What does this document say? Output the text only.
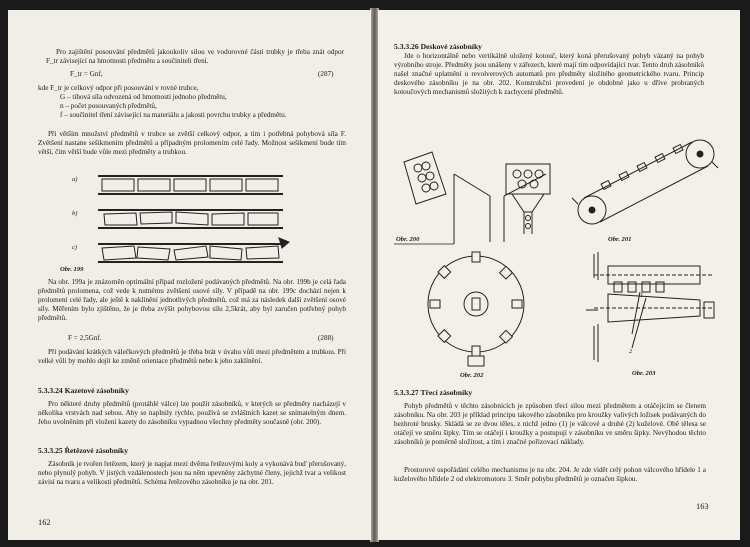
Pro zajištění posouvání předmětů jakoukoliv silou ve vodorovné části trubky je třeba znát odpor F_tr závisející na hmotnosti předmětu a součiniteli tření.

F_tr = Gnf,	(287)
kde F_tr je celkový odpor při posouvání v rovné trubce,
G – tíhová síla odvozená od hmotnosti jednoho předmětu,
n – počet posouvaných předmětů,

f – součinitel tření závisející na materiálu a jakosti povrchu trubky a předmětu.

Při větším množství předmětů v trubce se zvětší celkový odpor, a tím i potřebná pohybová síla F. Zvětšení nastane sešikmením předmětů a případným prolomením celé řady. Možnost sešikmení bude tím větší, čím větší bude vůle mezi předměty a trubkou.

a)
b)
c)
Obr. 199

Na obr. 199a je znázorněn optimální případ rozložení podávaných předmětů. Na obr. 199b je celá řada předmětů prolomena, což vede k nutnému zvětšení osové síly. V případě na obr. 199c dochází nejen k prolomení celé řady, ale ještě k naklínění jednotlivých předmětů, což má za následek další zvětšení osové síly. Měřením bylo zjištěno, že je třeba zvýšit pohybovou sílu 2,5krát, aby byl zaručen potřebný pohyb předmětů.

F = 2,5Gnf.	(288)

Při podávání krátkých válečkových předmětů je třeba brát v úvahu vůli mezi předmětem a trubkou. Při velké vůli by mohlo dojít ke změně orientace předmětů nebo k jeho zaklínění.

5.3.3.24 Kazetové zásobníky

Pro některé druhy předmětů (protáhlé válce) lze použít zásobníků, v kterých se předměty nacházejí v několika vrstvách nad sebou. Aby se naplnily rychle, používá se zvláštních kazet se snímatelným dnem. Jeho uvolněním při vložení kazety do zásobníku vypadnou všechny předměty současně (obr. 200).

5.3.3.25 Řetězové zásobníky

Zásobník je tvořen řetězem, který je napjat mezi dvěma řetězovými koly a vykonává buď přerušovaný, nebo plynulý pohyb. V jistých vzdálenostech jsou na něm upevněny záchytné členy, jejichž tvar a velikost závisí na tvaru a velikosti předmětů. Schéma řetězového zásobníku je na obr. 201.

162
5.3.3.26 Deskové zásobníky

Jde o horizontálně nebo vertikálně uložený kotouč, který koná přerušovaný pohyb vázaný na pohyb výrobního stroje. Předměty jsou unášeny v zářezech, které mají tím odpovídající tvar. Tento druh zásobníků našel značné uplatnění u revolverových automatů pro předměty složitého geometrického tvaru. Princip deskového zásobníku je na obr. 202. Konstrukční provedení je obdobné jako u dříve probraných kotoučových mechanismů složitých k zachycení předmětů.

Obr. 200	Obr. 201
Obr. 202
1
2
Obr. 203
5.3.3.27 Třecí zásobníky

Pohyb předmětů v těchto zásobnících je způsoben třecí silou mezi předmětem a otáčejícím se členem zásobníku. Na obr. 203 je příklad principu takového zásobníku pro kroužky valivých ložisek podávaných do bezhroté brusky. Skládá se ze dvou těles, z nichž jedno (1) je válcové a druhé (2) kuželové. Obě tělesa se otáčejí ve směru šipky. Tím se otáčejí i kroužky a postupují v zásobníku ve směru šipky. Nevýhodou těchto zásobníků je poměrně složitost, a tím i značné pořizovací náklady.

Prostorové uspořádání celého mechanismu je na obr. 204. Je zde vidět celý pohon válcového hřídele 1 a kuželového hřídele 2 od elektromotoru 3. Směr pohybu předmětů je označen šipkou.

163
